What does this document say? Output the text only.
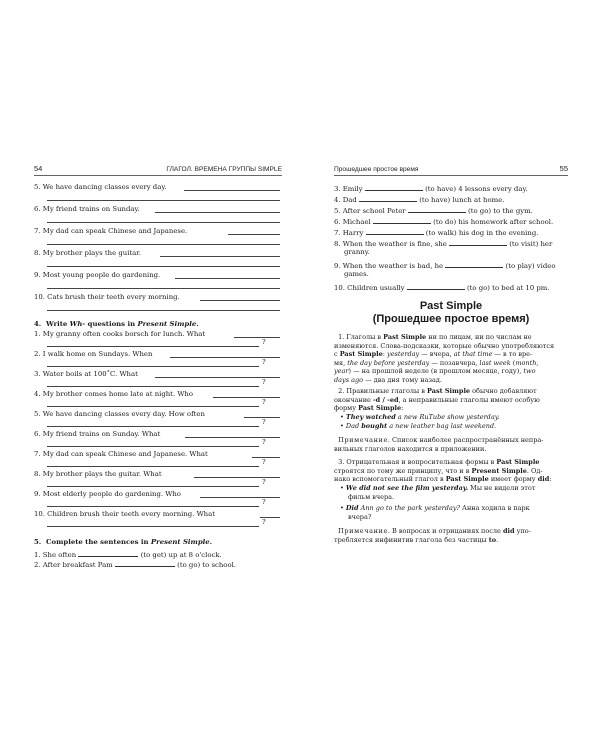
54	ГЛАГОЛ. ВРЕМЕНА ГРУППЫ SIMPLE
5. We have dancing classes every day.
6. My friend trains on Sunday.
7. My dad can speak Chinese and Japanese.
8. My brother plays the guitar.
9. Most young people do gardening.
10. Cats brush their teeth every morning.
4. Write Wh- questions in Present Simple.
1. My granny often cooks borsch for lunch. What
?
2. I walk home on Sundays. When
?
3. Water boils at 100˚C. What
?
4. My brother comes home late at night. Who
?
5. We have dancing classes every day. How often
?
6. My friend trains on Sunday. What
?
7. My dad can speak Chinese and Japanese. What
?
8. My brother plays the guitar. What
?
9. Most elderly people do gardening. Who
?
10. Children brush their teeth every morning. What
?
5. Complete the sentences in Present Simple.
1. She often	(to get) up at 8 o'clock.
2. After breakfast Pam	(to go) to school.
Прошедшее простое время	55
3. Emily	(to have) 4 lessons every day.
4. Dad	(to have) lunch at home.
5. After school Peter	(to go) to the gym.
6. Michael	(to do) his homework after school.
7. Harry	(to walk) his dog in the evening.
8. When the weather is fine, she	(to visit) her
granny.
9. When the weather is bad, he	(to play) video
games.
10. Children usually	(to go) to bed at 10 pm.
Past Simple
(Прошедшее простое время)
1. Глаголы в Past Simple ни по лицам, ни по числам не
изменяются. Слова-подсказки, которые обычно употребляются
с Past Simple: yesterday — вчера, at that time — в то вре-
мя, the day before yesterday — позавчера, last week (month,
year) — на прошлой неделе (в прошлом месяце, году), two
days ago — два дня тому назад.
2. Правильные глаголы в Past Simple обычно добавляют
окончание -d / -ed, а неправильные глаголы имеют особую
форму Past Simple:
• They watched a new RuTube show yesterday.
• Dad bought a new leather bag last weekend.
Примечание. Список наиболее распространённых непра-
вильных глаголов находится в приложении.
3. Отрицательная и вопросительная формы в Past Simple
строятся по тому же принципу, что и в Present Simple. Од-
нако вспомогательный глагол в Past Simple имеет форму did:
• We did not see the film yesterday. Мы не видели этот
фильм вчера.
• Did Ann go to the park yesterday? Анна ходила в парк
вчера?
Примечание. В вопросах и отрицаниях после did упо-
требляется инфинитив глагола без частицы to.
